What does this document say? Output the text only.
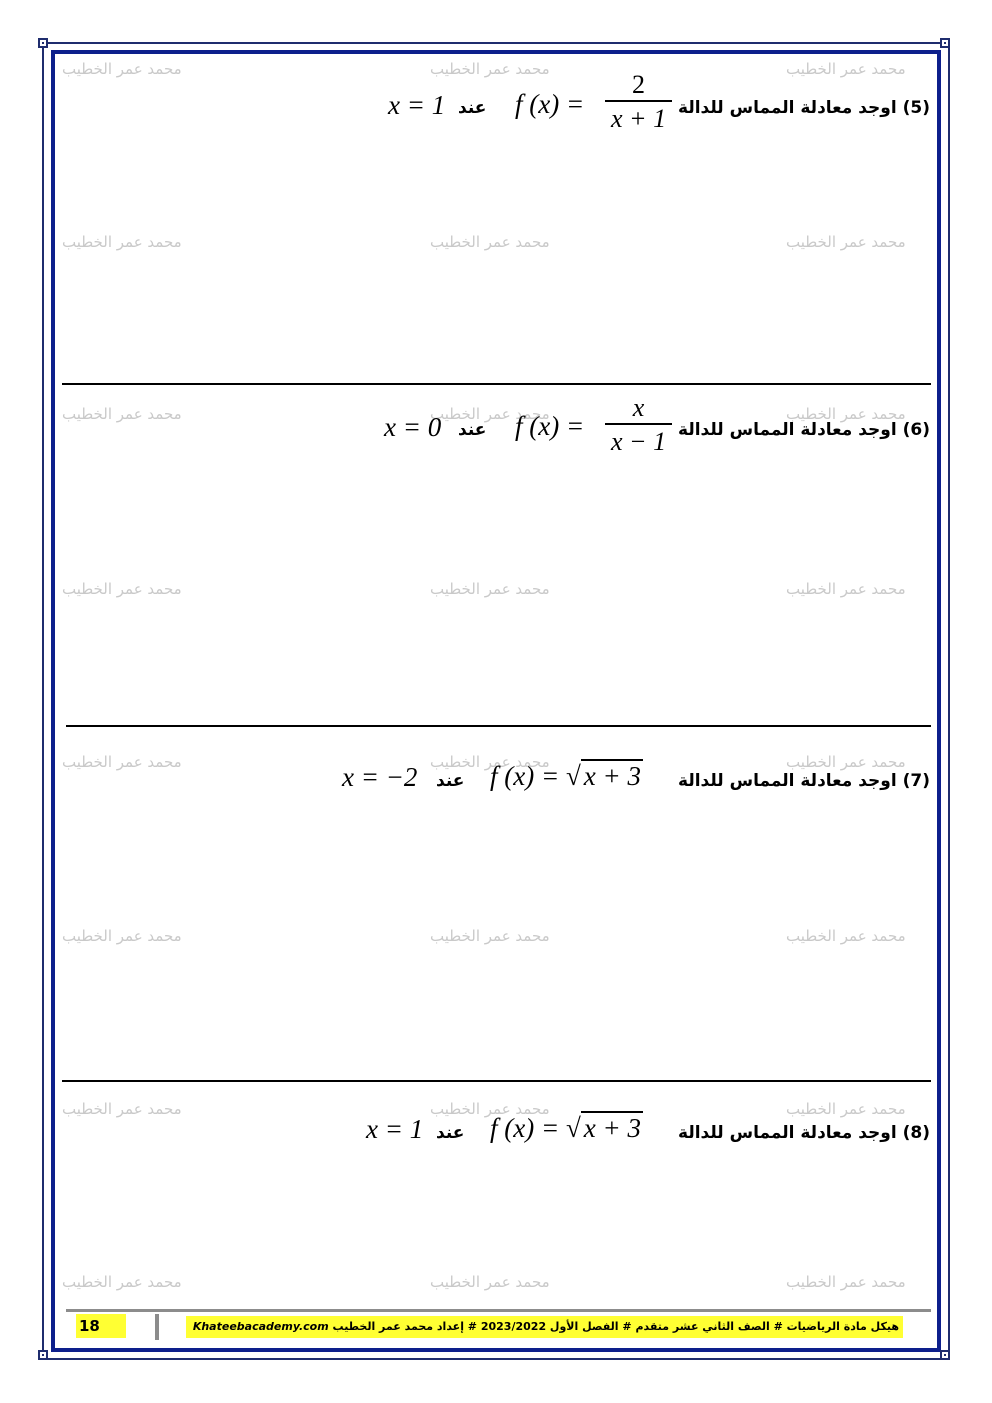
محمد عمر الخطيب	محمد عمر الخطيب	محمد عمر الخطيب
محمد عمر الخطيب	محمد عمر الخطيب	محمد عمر الخطيب
محمد عمر الخطيب	محمد عمر الخطيب	محمد عمر الخطيب
محمد عمر الخطيب	محمد عمر الخطيب	محمد عمر الخطيب
محمد عمر الخطيب	محمد عمر الخطيب	محمد عمر الخطيب
محمد عمر الخطيب	محمد عمر الخطيب	محمد عمر الخطيب
محمد عمر الخطيب	محمد عمر الخطيب	محمد عمر الخطيب
محمد عمر الخطيب	محمد عمر الخطيب	محمد عمر الخطيب
(5) اوجد معادلة المماس للدالة
$\frac{2}{x + 1}$
f (x) =
عند
x = 1
(6) اوجد معادلة المماس للدالة
$\frac{x}{x - 1}$
f (x) =
عند
x = 0
(7) اوجد معادلة المماس للدالة
f (x) = √ x + 3
عند
x = −2
(8) اوجد معادلة المماس للدالة
f (x) = √ x + 3
عند
x = 1
18	هيكل مادة الرياضيات # الصف الثاني عشر متقدم # الفصل الأول 2023/2022 # إعداد محمد عمر الخطيب Khateebacademy.com
